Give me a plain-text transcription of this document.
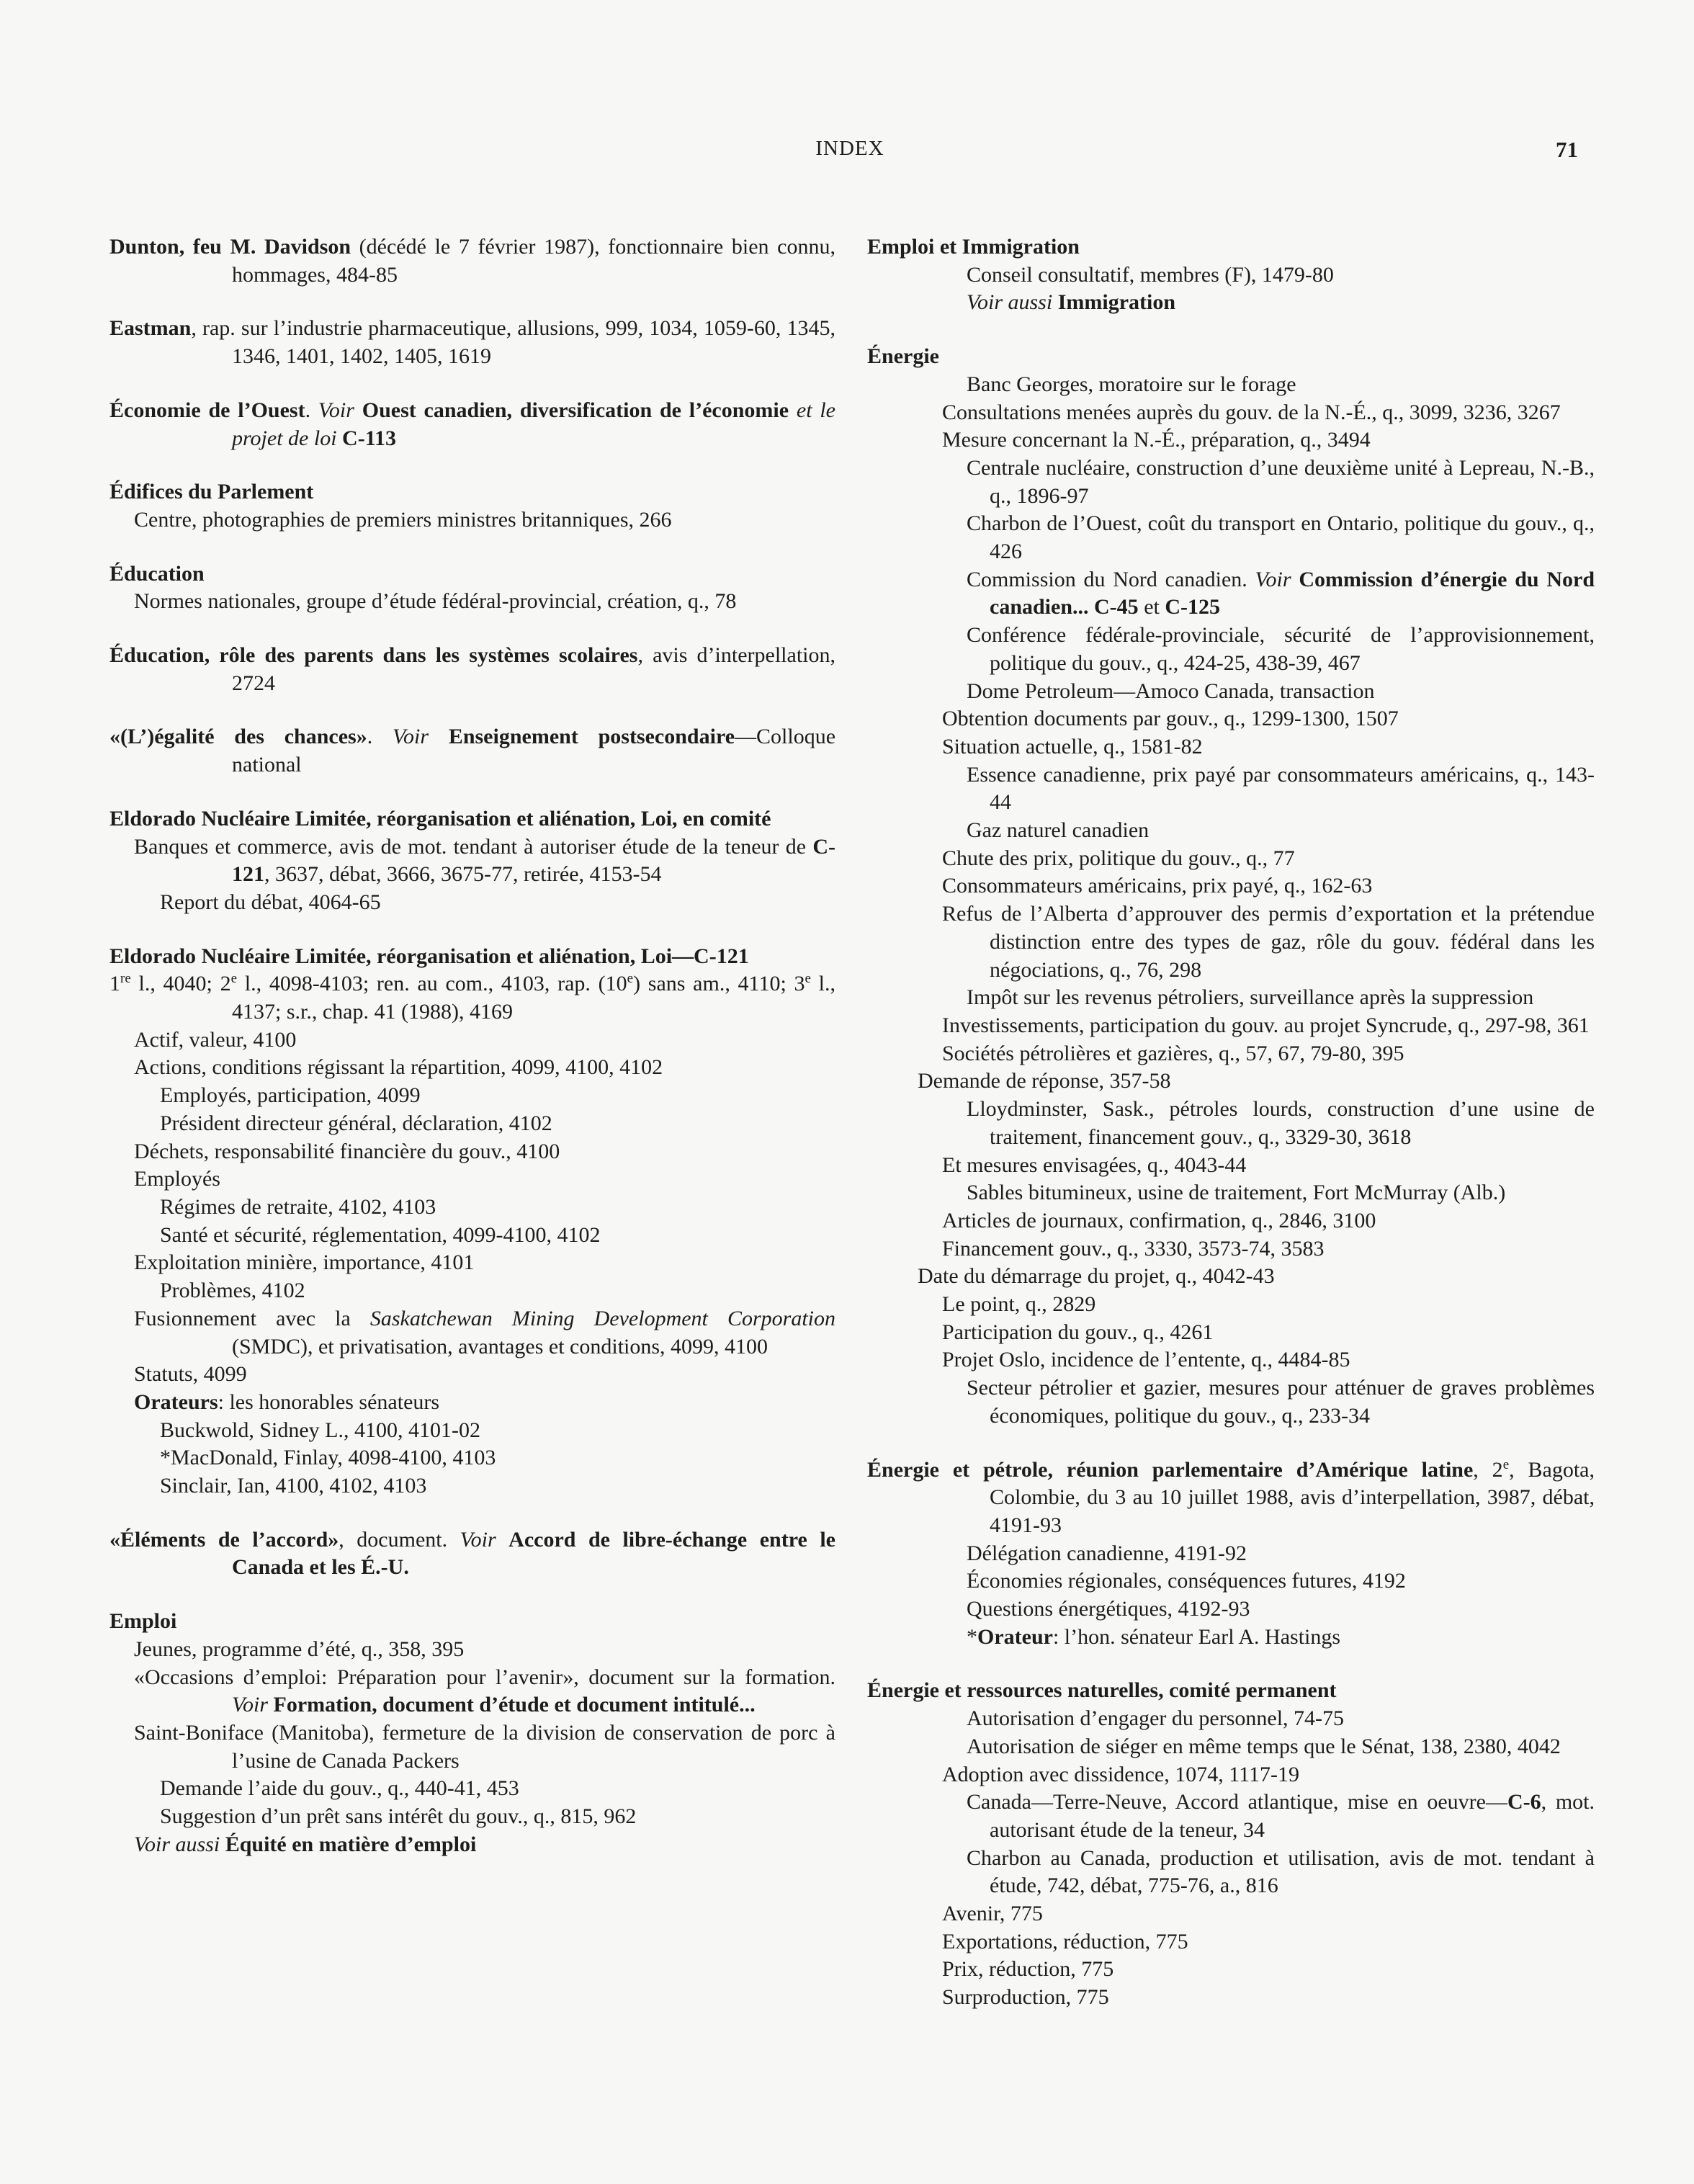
INDEX	71
Dunton, feu M. Davidson (décédé le 7 février 1987), fonctionnaire bien connu, hommages, 484-85
Eastman, rap. sur l’industrie pharmaceutique, allusions, 999, 1034, 1059-60, 1345, 1346, 1401, 1402, 1405, 1619
Économie de l’Ouest. Voir Ouest canadien, diversification de l’économie et le projet de loi C-113
Édifices du Parlement
Centre, photographies de premiers ministres britanniques, 266
Éducation
Normes nationales, groupe d’étude fédéral-provincial, création, q., 78
Éducation, rôle des parents dans les systèmes scolaires, avis d’interpellation, 2724
«(L’)égalité des chances». Voir Enseignement postsecondaire—Colloque national
Eldorado Nucléaire Limitée, réorganisation et aliénation, Loi, en comité
Banques et commerce, avis de mot. tendant à autoriser étude de la teneur de C-121, 3637, débat, 3666, 3675-77, retirée, 4153-54
Report du débat, 4064-65
Eldorado Nucléaire Limitée, réorganisation et aliénation, Loi—C-121
1re l., 4040; 2e l., 4098-4103; ren. au com., 4103, rap. (10e) sans am., 4110; 3e l., 4137; s.r., chap. 41 (1988), 4169
Actif, valeur, 4100
Actions, conditions régissant la répartition, 4099, 4100, 4102
Employés, participation, 4099
Président directeur général, déclaration, 4102
Déchets, responsabilité financière du gouv., 4100
Employés
Régimes de retraite, 4102, 4103
Santé et sécurité, réglementation, 4099-4100, 4102
Exploitation minière, importance, 4101
Problèmes, 4102
Fusionnement avec la Saskatchewan Mining Development Corporation (SMDC), et privatisation, avantages et conditions, 4099, 4100
Statuts, 4099
Orateurs: les honorables sénateurs
Buckwold, Sidney L., 4100, 4101-02
*MacDonald, Finlay, 4098-4100, 4103
Sinclair, Ian, 4100, 4102, 4103
«Éléments de l’accord», document. Voir Accord de libre-échange entre le Canada et les É.-U.
Emploi
Jeunes, programme d’été, q., 358, 395
«Occasions d’emploi: Préparation pour l’avenir», document sur la formation. Voir Formation, document d’étude et document intitulé...
Saint-Boniface (Manitoba), fermeture de la division de conservation de porc à l’usine de Canada Packers
Demande l’aide du gouv., q., 440-41, 453
Suggestion d’un prêt sans intérêt du gouv., q., 815, 962
Voir aussi Équité en matière d’emploi
Emploi et Immigration
Conseil consultatif, membres (F), 1479-80
Voir aussi Immigration
Énergie
Banc Georges, moratoire sur le forage
Consultations menées auprès du gouv. de la N.-É., q., 3099, 3236, 3267
Mesure concernant la N.-É., préparation, q., 3494
Centrale nucléaire, construction d’une deuxième unité à Lepreau, N.-B., q., 1896-97
Charbon de l’Ouest, coût du transport en Ontario, politique du gouv., q., 426
Commission du Nord canadien. Voir Commission d’énergie du Nord canadien... C-45 et C-125
Conférence fédérale-provinciale, sécurité de l’approvisionnement, politique du gouv., q., 424-25, 438-39, 467
Dome Petroleum—Amoco Canada, transaction
Obtention documents par gouv., q., 1299-1300, 1507
Situation actuelle, q., 1581-82
Essence canadienne, prix payé par consommateurs américains, q., 143-44
Gaz naturel canadien
Chute des prix, politique du gouv., q., 77
Consommateurs américains, prix payé, q., 162-63
Refus de l’Alberta d’approuver des permis d’exportation et la prétendue distinction entre des types de gaz, rôle du gouv. fédéral dans les négociations, q., 76, 298
Impôt sur les revenus pétroliers, surveillance après la suppression
Investissements, participation du gouv. au projet Syncrude, q., 297-98, 361
Sociétés pétrolières et gazières, q., 57, 67, 79-80, 395
Demande de réponse, 357-58
Lloydminster, Sask., pétroles lourds, construction d’une usine de traitement, financement gouv., q., 3329-30, 3618
Et mesures envisagées, q., 4043-44
Sables bitumineux, usine de traitement, Fort McMurray (Alb.)
Articles de journaux, confirmation, q., 2846, 3100
Financement gouv., q., 3330, 3573-74, 3583
Date du démarrage du projet, q., 4042-43
Le point, q., 2829
Participation du gouv., q., 4261
Projet Oslo, incidence de l’entente, q., 4484-85
Secteur pétrolier et gazier, mesures pour atténuer de graves problèmes économiques, politique du gouv., q., 233-34
Énergie et pétrole, réunion parlementaire d’Amérique latine, 2e, Bagota, Colombie, du 3 au 10 juillet 1988, avis d’interpellation, 3987, débat, 4191-93
Délégation canadienne, 4191-92
Économies régionales, conséquences futures, 4192
Questions énergétiques, 4192-93
*Orateur: l’hon. sénateur Earl A. Hastings
Énergie et ressources naturelles, comité permanent
Autorisation d’engager du personnel, 74-75
Autorisation de siéger en même temps que le Sénat, 138, 2380, 4042
Adoption avec dissidence, 1074, 1117-19
Canada—Terre-Neuve, Accord atlantique, mise en oeuvre—C-6, mot. autorisant étude de la teneur, 34
Charbon au Canada, production et utilisation, avis de mot. tendant à étude, 742, débat, 775-76, a., 816
Avenir, 775
Exportations, réduction, 775
Prix, réduction, 775
Surproduction, 775
